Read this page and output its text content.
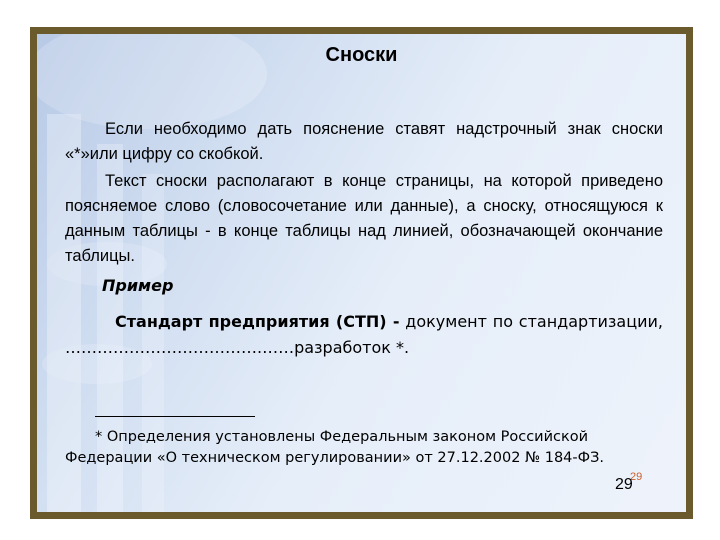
Сноски

Если необходимо дать пояснение ставят надстрочный знак сноски «*»или цифру со скобкой.

Текст сноски располагают в конце страницы, на которой приведено поясняемое слово (словосочетание или данные), а сноску, относящуюся к данным таблицы - в конце таблицы над линией, обозначающей окончание таблицы.

Пример

Стандарт предприятия (СТП) - документ по стандартизации, ……………………………….……разработок *.

* Определения установлены Федеральным законом Российской Федерации «О техническом регулировании» от 27.12.2002 № 184-ФЗ.

29
29
